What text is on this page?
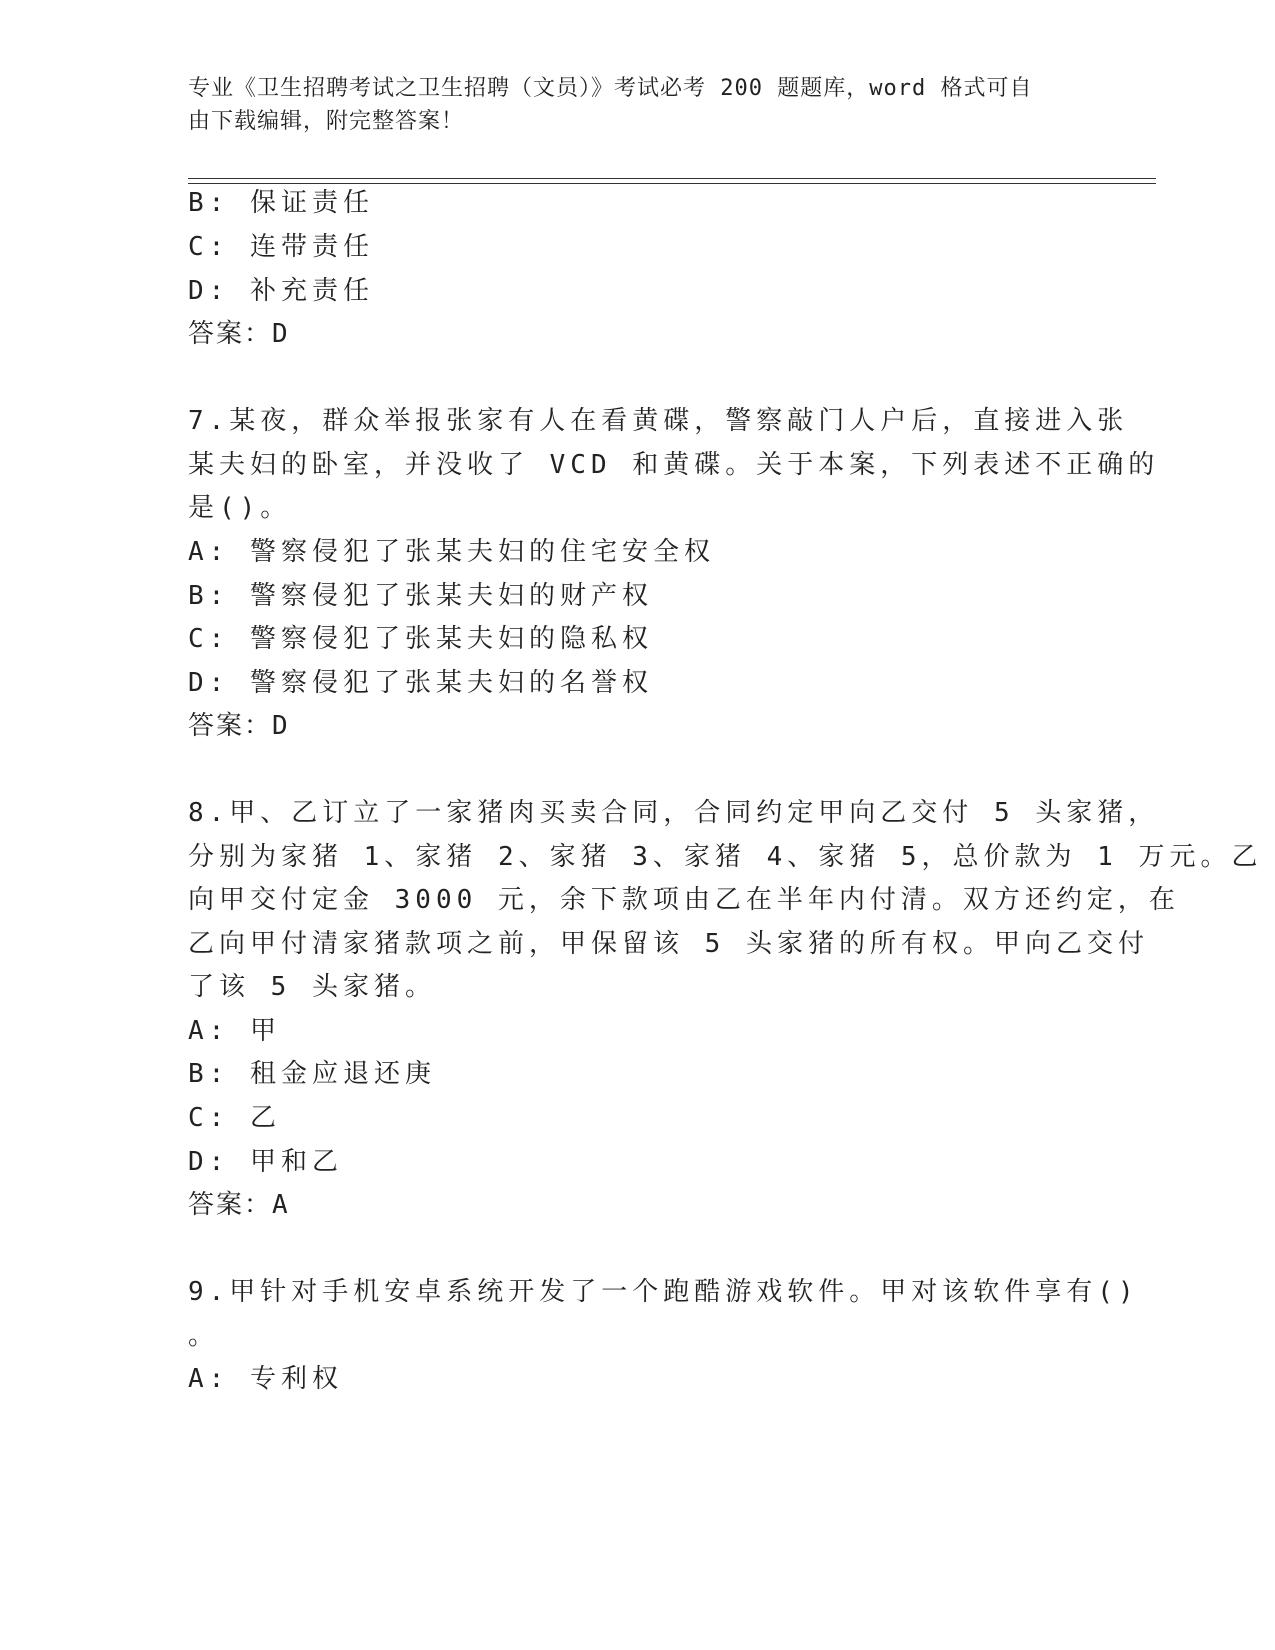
专业《卫生招聘考试之卫生招聘（文员）》考试必考 200 题题库，word 格式可自
由下载编辑，附完整答案！
B: 保证责任
C: 连带责任
D: 补充责任
答案：D
7.某夜，群众举报张家有人在看黄碟，警察敲门人户后，直接进入张
某夫妇的卧室，并没收了 VCD 和黄碟。关于本案，下列表述不正确的
是()。
A: 警察侵犯了张某夫妇的住宅安全权
B: 警察侵犯了张某夫妇的财产权
C: 警察侵犯了张某夫妇的隐私权
D: 警察侵犯了张某夫妇的名誉权
答案：D
8.甲、乙订立了一家猪肉买卖合同，合同约定甲向乙交付 5 头家猪，
分别为家猪 1、家猪 2、家猪 3、家猪 4、家猪 5，总价款为 1 万元。乙
向甲交付定金 3000 元，余下款项由乙在半年内付清。双方还约定，在
乙向甲付清家猪款项之前，甲保留该 5 头家猪的所有权。甲向乙交付
了该 5 头家猪。
A: 甲
B: 租金应退还庚
C: 乙
D: 甲和乙
答案：A
9.甲针对手机安卓系统开发了一个跑酷游戏软件。甲对该软件享有()
。
A: 专利权
